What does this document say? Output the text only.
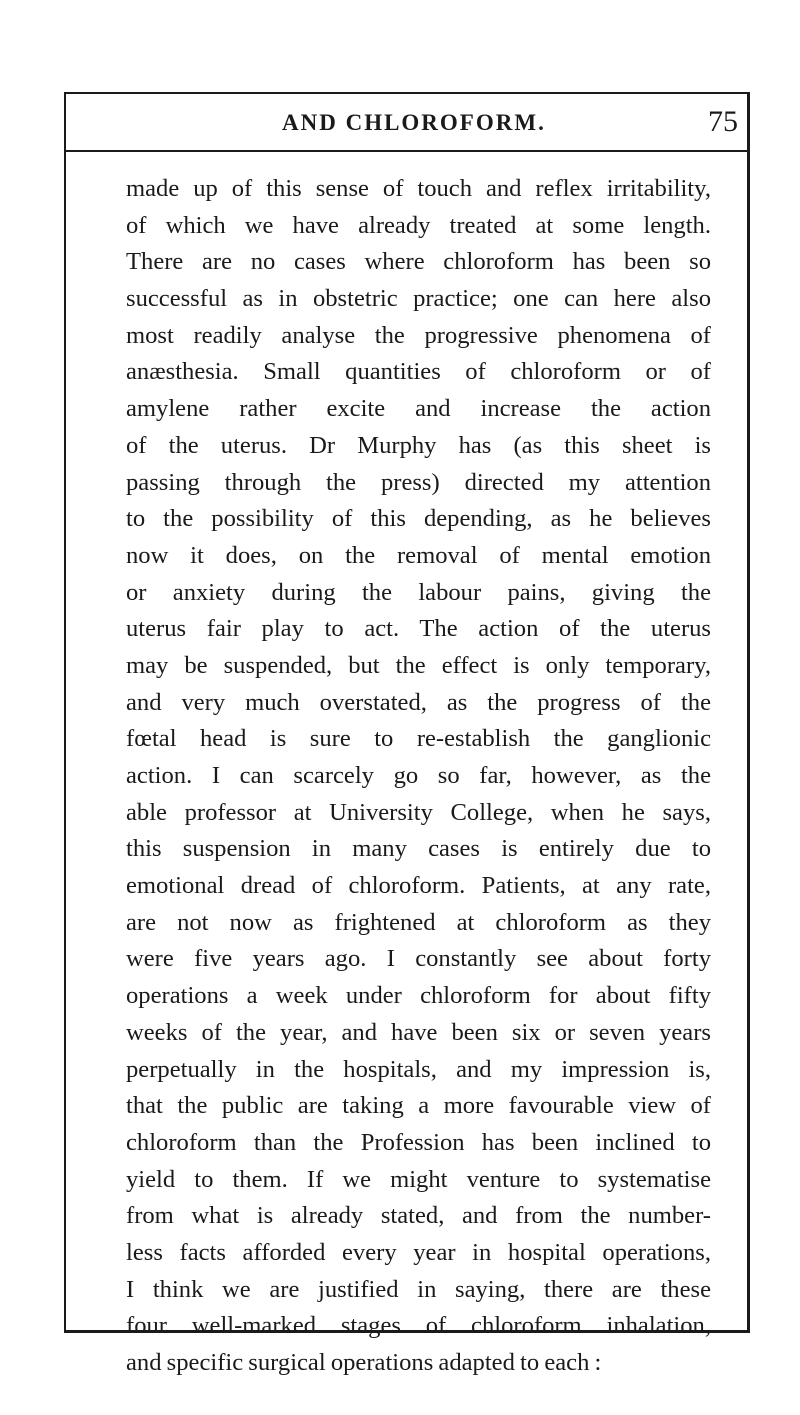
AND CHLOROFORM.	75
made up of this sense of touch and reflex irritability,
of which we have already treated at some length.
There are no cases where chloroform has been so
successful as in obstetric practice; one can here also
most readily analyse the progressive phenomena of
anæsthesia. Small quantities of chloroform or of
amylene rather excite and increase the action
of the uterus. Dr Murphy has (as this sheet is
passing through the press) directed my attention
to the possibility of this depending, as he believes
now it does, on the removal of mental emotion
or anxiety during the labour pains, giving the
uterus fair play to act. The action of the uterus
may be suspended, but the effect is only temporary,
and very much overstated, as the progress of the
fœtal head is sure to re-establish the ganglionic
action. I can scarcely go so far, however, as the
able professor at University College, when he says,
this suspension in many cases is entirely due to
emotional dread of chloroform. Patients, at any rate,
are not now as frightened at chloroform as they
were five years ago. I constantly see about forty
operations a week under chloroform for about fifty
weeks of the year, and have been six or seven years
perpetually in the hospitals, and my impression is,
that the public are taking a more favourable view of
chloroform than the Profession has been inclined to
yield to them. If we might venture to systematise
from what is already stated, and from the number-
less facts afforded every year in hospital operations,
I think we are justified in saying, there are these
four well-marked stages of chloroform inhalation,
and specific surgical operations adapted to each :
